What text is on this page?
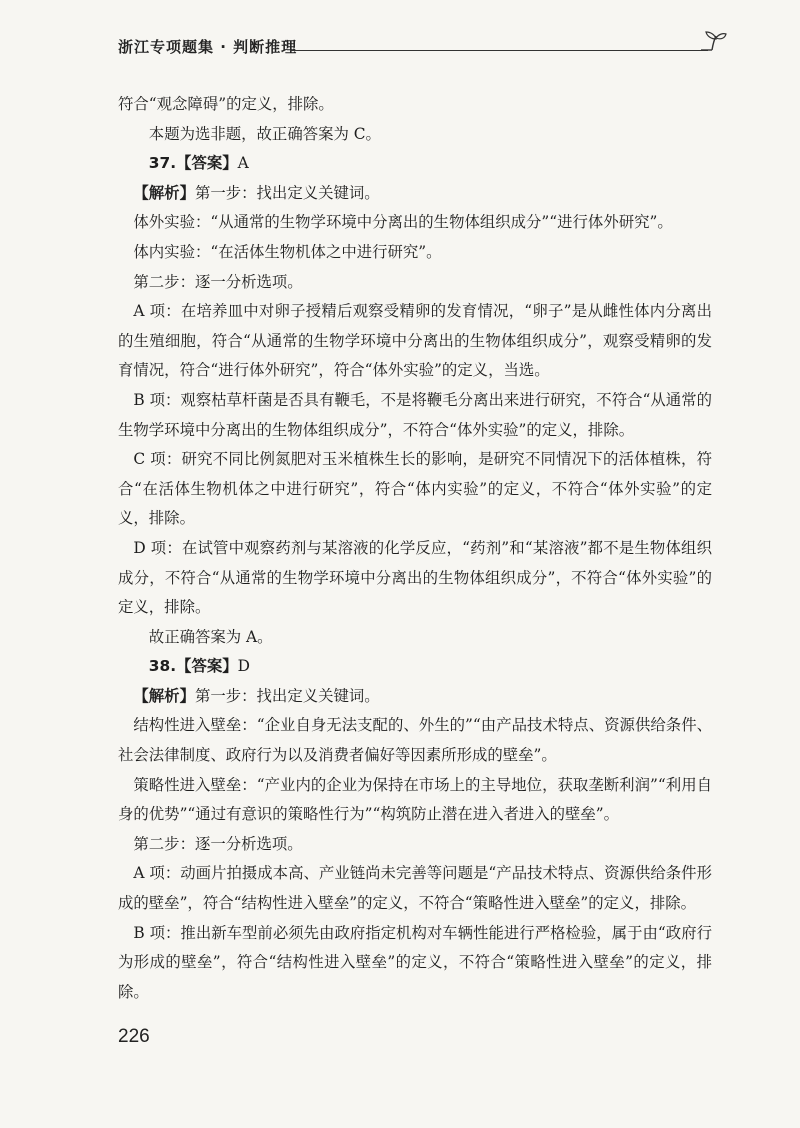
浙江专项题集 · 判断推理

符合“观念障碍”的定义，排除。

本题为选非题，故正确答案为 C。

37.【答案】A

【解析】第一步：找出定义关键词。

体外实验：“从通常的生物学环境中分离出的生物体组织成分”“进行体外研究”。

体内实验：“在活体生物机体之中进行研究”。

第二步：逐一分析选项。

A 项：在培养皿中对卵子授精后观察受精卵的发育情况，“卵子”是从雌性体内分离出的生殖细胞，符合“从通常的生物学环境中分离出的生物体组织成分”，观察受精卵的发育情况，符合“进行体外研究”，符合“体外实验”的定义，当选。

B 项：观察枯草杆菌是否具有鞭毛，不是将鞭毛分离出来进行研究，不符合“从通常的生物学环境中分离出的生物体组织成分”，不符合“体外实验”的定义，排除。

C 项：研究不同比例氮肥对玉米植株生长的影响，是研究不同情况下的活体植株，符合“在活体生物机体之中进行研究”，符合“体内实验”的定义，不符合“体外实验”的定义，排除。

D 项：在试管中观察药剂与某溶液的化学反应，“药剂”和“某溶液”都不是生物体组织成分，不符合“从通常的生物学环境中分离出的生物体组织成分”，不符合“体外实验”的定义，排除。

故正确答案为 A。

38.【答案】D

【解析】第一步：找出定义关键词。

结构性进入壁垒：“企业自身无法支配的、外生的”“由产品技术特点、资源供给条件、社会法律制度、政府行为以及消费者偏好等因素所形成的壁垒”。

策略性进入壁垒：“产业内的企业为保持在市场上的主导地位，获取垄断利润”“利用自身的优势”“通过有意识的策略性行为”“构筑防止潜在进入者进入的壁垒”。

第二步：逐一分析选项。

A 项：动画片拍摄成本高、产业链尚未完善等问题是“产品技术特点、资源供给条件形成的壁垒”，符合“结构性进入壁垒”的定义，不符合“策略性进入壁垒”的定义，排除。

B 项：推出新车型前必须先由政府指定机构对车辆性能进行严格检验，属于由“政府行为形成的壁垒”，符合“结构性进入壁垒”的定义，不符合“策略性进入壁垒”的定义，排除。

226
